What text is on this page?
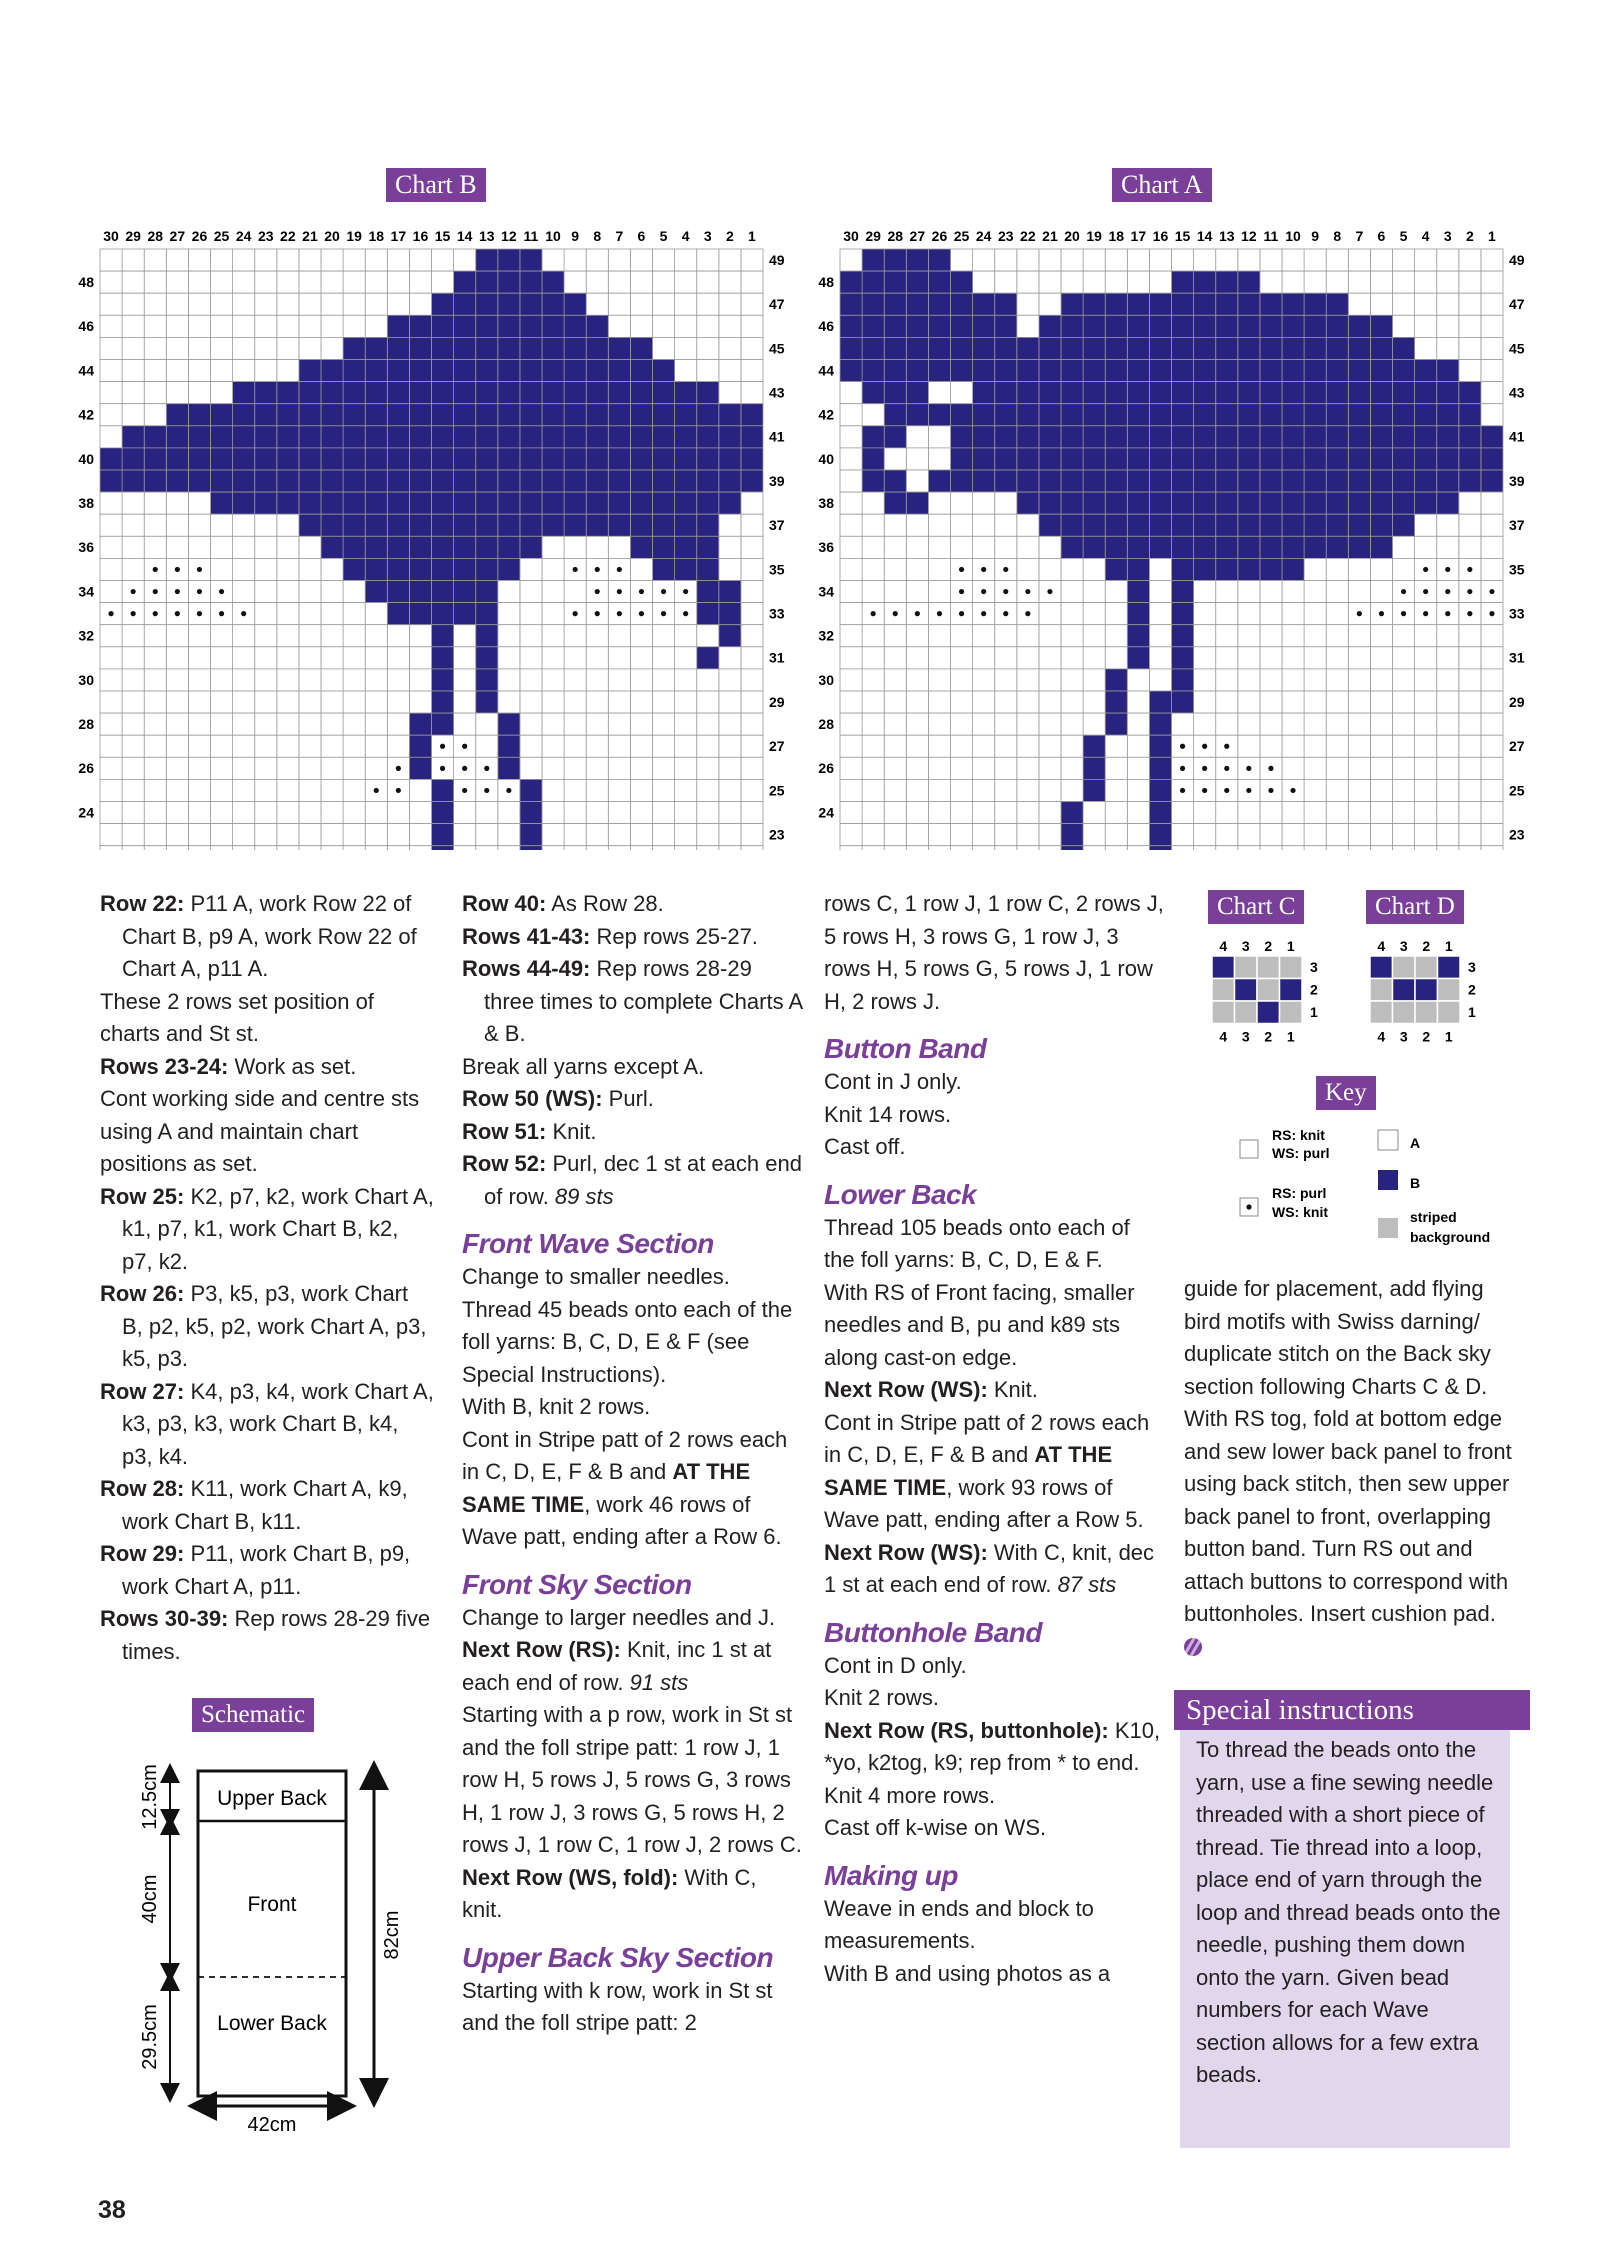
Chart B	Chart A
30 29 28 27 26 25 24 23 22 21 20 19 18 17 16 15 14 13 12 11 10 9 8 7 6 5 4 3 2 1
49
47
45
43
41
39
37
35
33
31
29
27
25
23
48
46
44
42
40
38
36
34
32
30
28
26
24
30 29 28 27 26 25 24 23 22 21 20 19 18 17 16 15 14 13 12 11 10 9 8 7 6 5 4 3 2 1
49
47
45
43
41
39
37
35
33
31
29
27
25
23
48
46
44
42
40
38
36
34
32
30
28
26
24

Row 22: P11 A, work Row 22 of Chart B, p9 A, work Row 22 of Chart A, p11 A.

These 2 rows set position of charts and St st.

Rows 23-24: Work as set.

Cont working side and centre sts using A and maintain chart positions as set.

Row 25: K2, p7, k2, work Chart A, k1, p7, k1, work Chart B, k2, p7, k2.

Row 26: P3, k5, p3, work Chart B, p2, k5, p2, work Chart A, p3, k5, p3.

Row 27: K4, p3, k4, work Chart A, k3, p3, k3, work Chart B, k4, p3, k4.

Row 28: K11, work Chart A, k9, work Chart B, k11.

Row 29: P11, work Chart B, p9, work Chart A, p11.

Rows 30-39: Rep rows 28-29 five times.

Row 40: As Row 28.

Rows 41-43: Rep rows 25-27.

Rows 44-49: Rep rows 28-29 three times to complete Charts A & B.

Break all yarns except A.

Row 50 (WS): Purl.

Row 51: Knit.

Row 52: Purl, dec 1 st at each end of row. 89 sts

Front Wave Section

Change to smaller needles.

Thread 45 beads onto each of the foll yarns: B, C, D, E & F (see Special Instructions).

With B, knit 2 rows.

Cont in Stripe patt of 2 rows each in C, D, E, F & B and AT THE SAME TIME, work 46 rows of Wave patt, ending after a Row 6.

Front Sky Section

Change to larger needles and J.

Next Row (RS): Knit, inc 1 st at each end of row. 91 sts

Starting with a p row, work in St st and the foll stripe patt: 1 row J, 1 row H, 5 rows J, 5 rows G, 3 rows H, 1 row J, 3 rows G, 5 rows H, 2 rows J, 1 row C, 1 row J, 2 rows C.

Next Row (WS, fold): With C, knit.

Upper Back Sky Section

Starting with k row, work in St st and the foll stripe patt: 2

rows C, 1 row J, 1 row C, 2 rows J, 5 rows H, 3 rows G, 1 row J, 3 rows H, 5 rows G, 5 rows J, 1 row H, 2 rows J.

Button Band

Cont in J only.

Knit 14 rows.

Cast off.

Lower Back

Thread 105 beads onto each of the foll yarns: B, C, D, E & F.

With RS of Front facing, smaller needles and B, pu and k89 sts along cast-on edge.

Next Row (WS): Knit.

Cont in Stripe patt of 2 rows each in C, D, E, F & B and AT THE SAME TIME, work 93 rows of Wave patt, ending after a Row 5.

Next Row (WS): With C, knit, dec 1 st at each end of row. 87 sts

Buttonhole Band

Cont in D only.

Knit 2 rows.

Next Row (RS, buttonhole): K10, *yo, k2tog, k9; rep from * to end.

Knit 4 more rows.

Cast off k-wise on WS.

Making up

Weave in ends and block to measurements.

With B and using photos as a

Chart C	Chart D
4
4
3
3
2
2
1
1
3
2
1
4
4
3
3
2
2
1
1
3
2
1
Key
RS: knit
WS: purl
RS: purl
WS: knit
A
B
striped
background

guide for placement, add flying bird motifs with Swiss darning/ duplicate stitch on the Back sky section following Charts C & D. With RS tog, fold at bottom edge and sew lower back panel to front using back stitch, then sew upper back panel to front, overlapping button band. Turn RS out and attach buttons to correspond with buttonholes. Insert cushion pad.

Special instructions
To thread the beads onto the yarn, use a fine sewing needle threaded with a short piece of thread. Tie thread into a loop, place end of yarn through the loop and thread beads onto the needle, pushing them down onto the yarn. Given bead numbers for each Wave section allows for a few extra beads.
Schematic
Upper Back
Front
Lower Back
12.5cm
40cm
29.5cm
82cm
42cm
38
